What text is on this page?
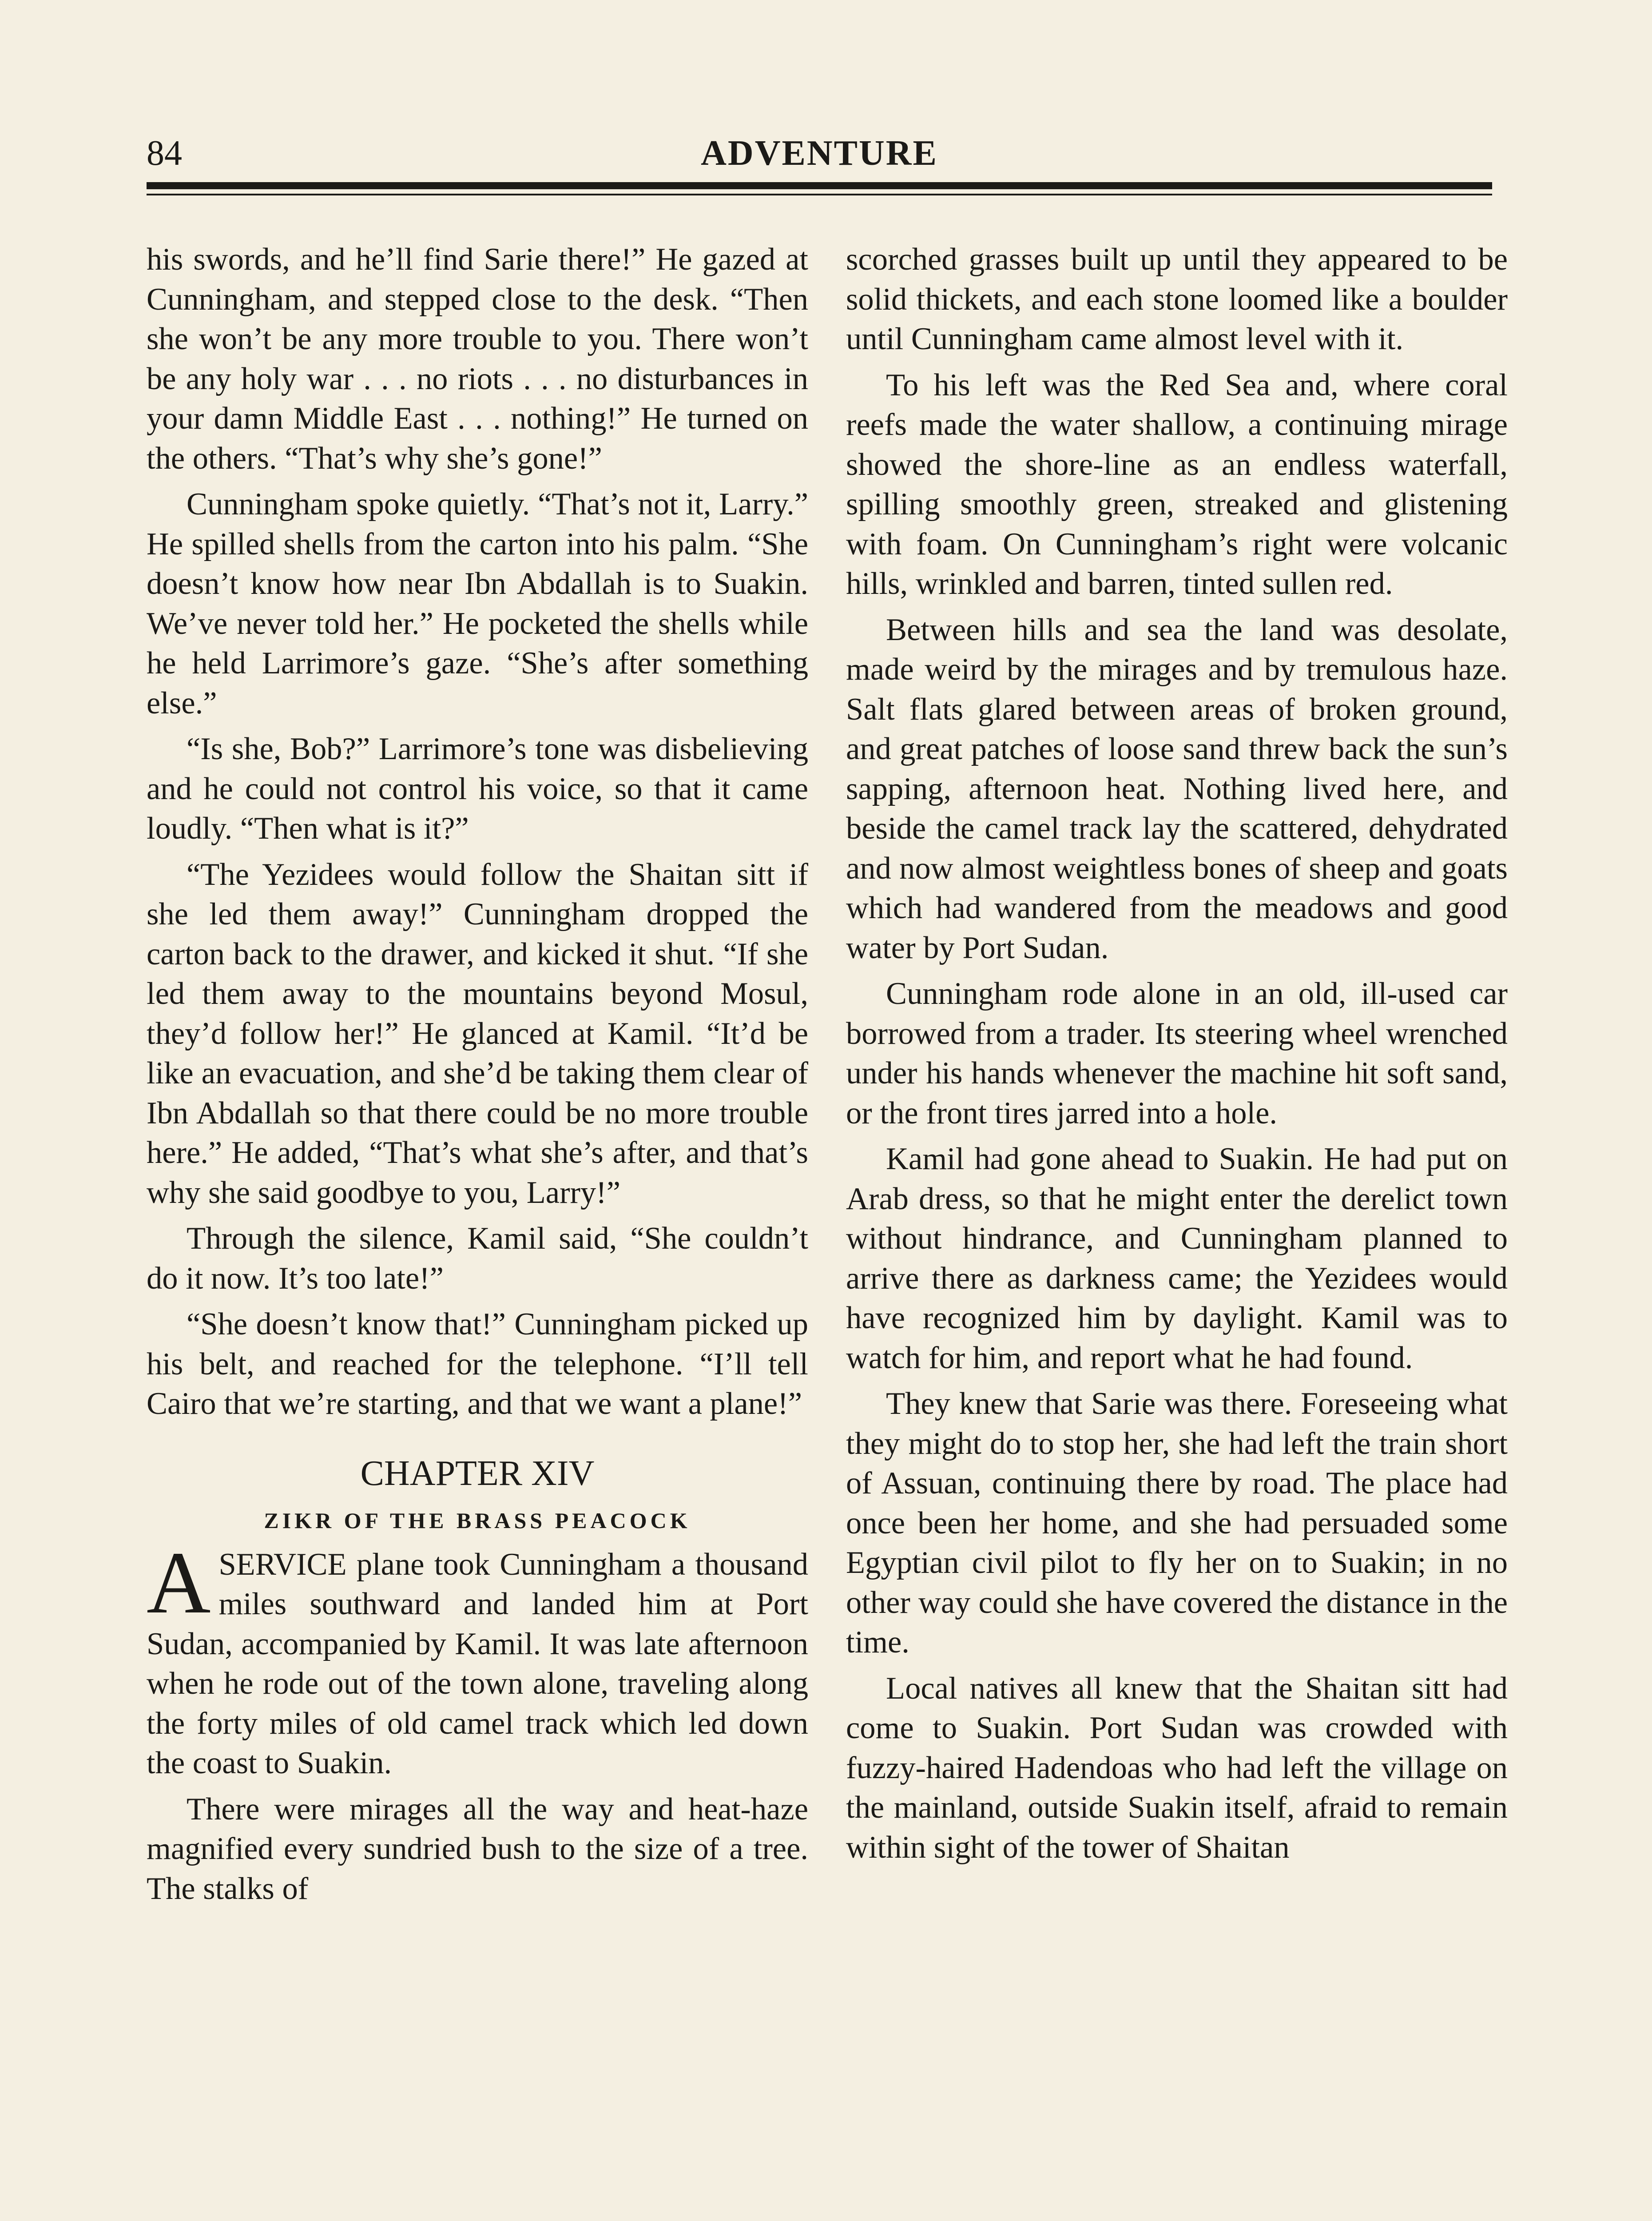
84	ADVENTURE

his swords, and he’ll find Sarie there!” He gazed at Cunningham, and stepped close to the desk. “Then she won’t be any more trouble to you. There won’t be any holy war . . . no riots . . . no disturbances in your damn Middle East . . . nothing!” He turned on the others. “That’s why she’s gone!”

Cunningham spoke quietly. “That’s not it, Larry.” He spilled shells from the carton into his palm. “She doesn’t know how near Ibn Abdallah is to Suakin. We’ve never told her.” He pocketed the shells while he held Larrimore’s gaze. “She’s after something else.”

“Is she, Bob?” Larrimore’s tone was disbelieving and he could not control his voice, so that it came loudly. “Then what is it?”

“The Yezidees would follow the Shaitan sitt if she led them away!” Cunningham dropped the carton back to the drawer, and kicked it shut. “If she led them away to the mountains beyond Mosul, they’d follow her!” He glanced at Kamil. “It’d be like an evacuation, and she’d be taking them clear of Ibn Abdallah so that there could be no more trouble here.” He added, “That’s what she’s after, and that’s why she said goodbye to you, Larry!”

Through the silence, Kamil said, “She couldn’t do it now. It’s too late!”

“She doesn’t know that!” Cunningham picked up his belt, and reached for the telephone. “I’ll tell Cairo that we’re starting, and that we want a plane!”

CHAPTER XIV
ZIKR OF THE BRASS PEACOCK

ASERVICE plane took Cunningham a thousand miles southward and landed him at Port Sudan, accompanied by Kamil. It was late afternoon when he rode out of the town alone, traveling along the forty miles of old camel track which led down the coast to Suakin.

There were mirages all the way and heat-haze magnified every sundried bush to the size of a tree. The stalks of

scorched grasses built up until they appeared to be solid thickets, and each stone loomed like a boulder until Cunningham came almost level with it.

To his left was the Red Sea and, where coral reefs made the water shallow, a continuing mirage showed the shore-line as an endless waterfall, spilling smoothly green, streaked and glistening with foam. On Cunningham’s right were volcanic hills, wrinkled and barren, tinted sullen red.

Between hills and sea the land was desolate, made weird by the mirages and by tremulous haze. Salt flats glared between areas of broken ground, and great patches of loose sand threw back the sun’s sapping, afternoon heat. Nothing lived here, and beside the camel track lay the scattered, dehydrated and now almost weightless bones of sheep and goats which had wandered from the meadows and good water by Port Sudan.

Cunningham rode alone in an old, ill-used car borrowed from a trader. Its steering wheel wrenched under his hands whenever the machine hit soft sand, or the front tires jarred into a hole.

Kamil had gone ahead to Suakin. He had put on Arab dress, so that he might enter the derelict town without hindrance, and Cunningham planned to arrive there as darkness came; the Yezidees would have recognized him by daylight. Kamil was to watch for him, and report what he had found.

They knew that Sarie was there. Foreseeing what they might do to stop her, she had left the train short of Assuan, continuing there by road. The place had once been her home, and she had persuaded some Egyptian civil pilot to fly her on to Suakin; in no other way could she have covered the distance in the time.

Local natives all knew that the Shaitan sitt had come to Suakin. Port Sudan was crowded with fuzzy-haired Hadendoas who had left the village on the mainland, outside Suakin itself, afraid to remain within sight of the tower of Shaitan
